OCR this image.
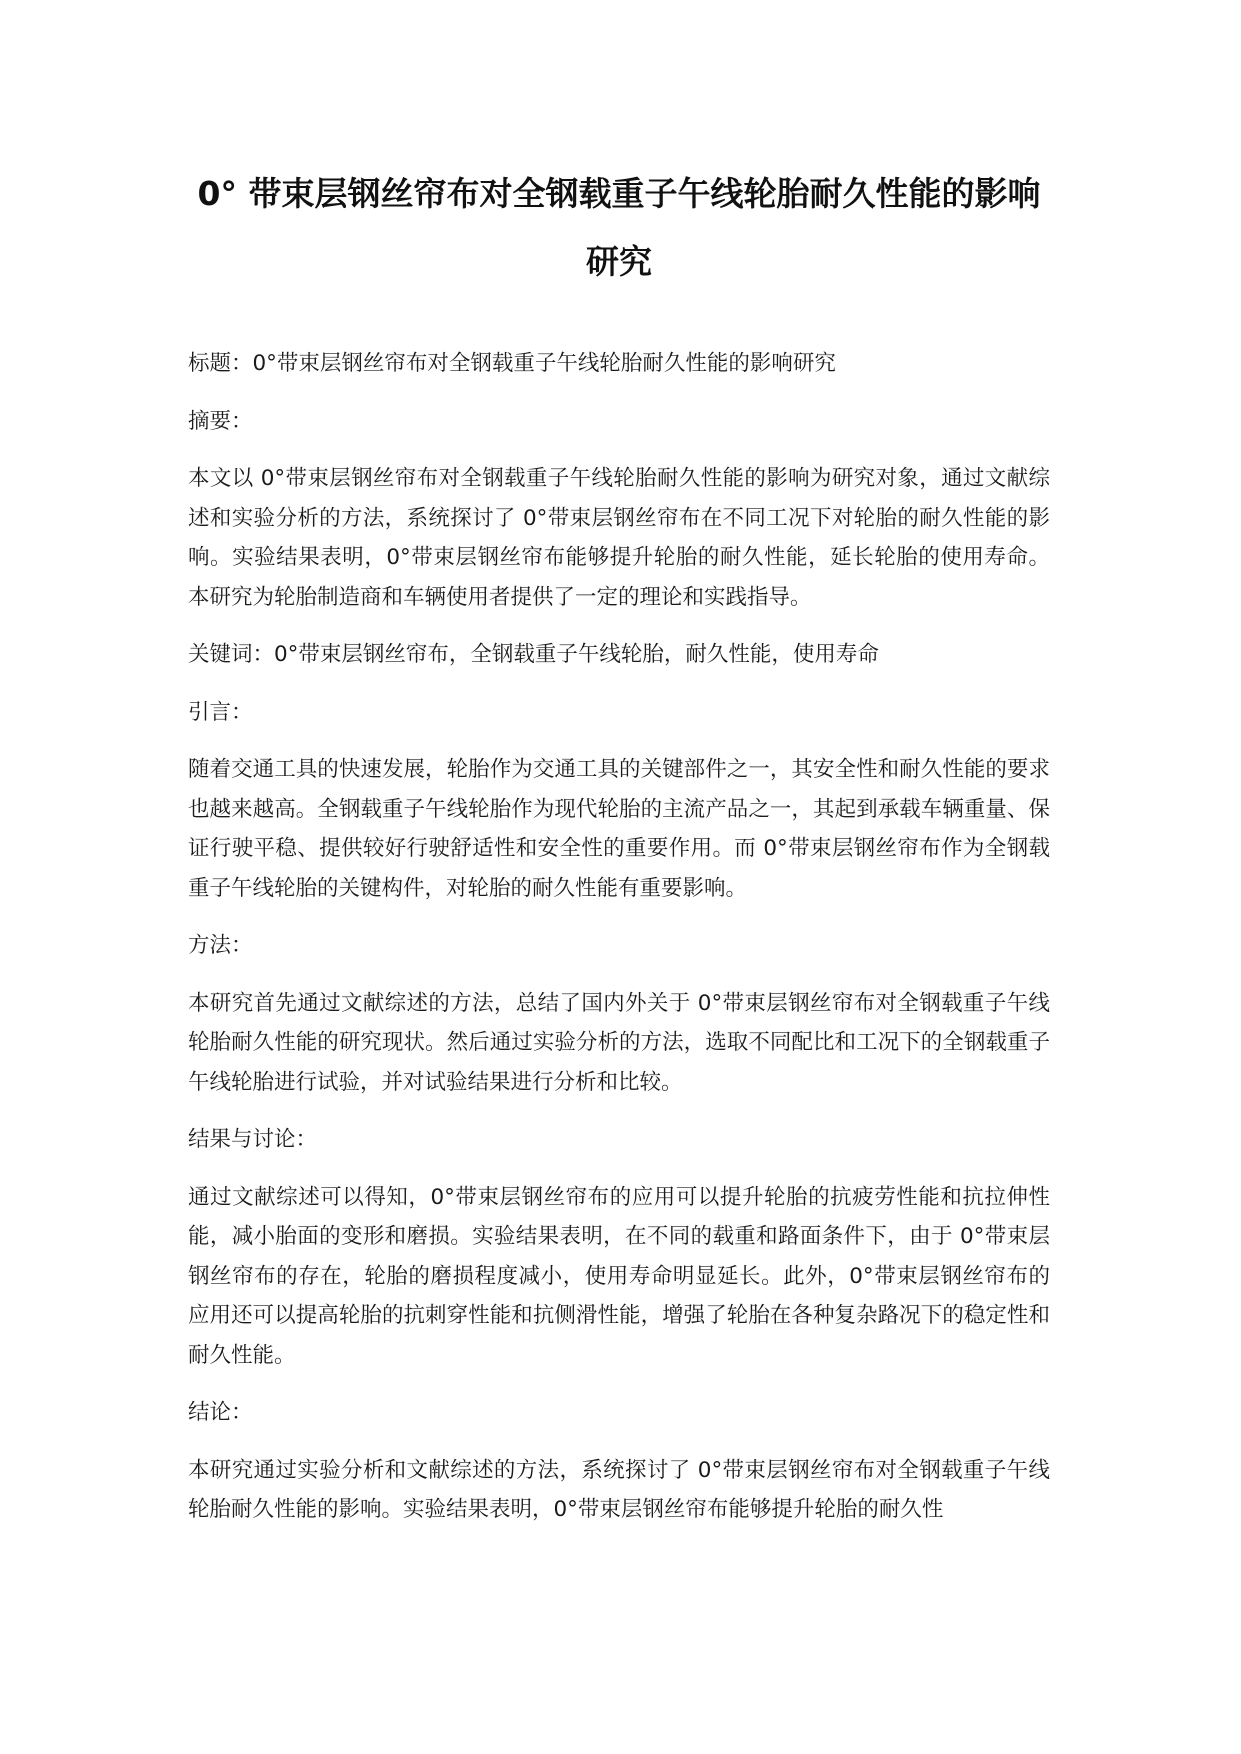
0° 带束层钢丝帘布对全钢载重子午线轮胎耐久性能的影响研究

标题：0°带束层钢丝帘布对全钢载重子午线轮胎耐久性能的影响研究

摘要：

本文以 0°带束层钢丝帘布对全钢载重子午线轮胎耐久性能的影响为研究对象，通过文献综述和实验分析的方法，系统探讨了 0°带束层钢丝帘布在不同工况下对轮胎的耐久性能的影响。实验结果表明，0°带束层钢丝帘布能够提升轮胎的耐久性能，延长轮胎的使用寿命。本研究为轮胎制造商和车辆使用者提供了一定的理论和实践指导。

关键词：0°带束层钢丝帘布，全钢载重子午线轮胎，耐久性能，使用寿命

引言：

随着交通工具的快速发展，轮胎作为交通工具的关键部件之一，其安全性和耐久性能的要求也越来越高。全钢载重子午线轮胎作为现代轮胎的主流产品之一，其起到承载车辆重量、保证行驶平稳、提供较好行驶舒适性和安全性的重要作用。而 0°带束层钢丝帘布作为全钢载重子午线轮胎的关键构件，对轮胎的耐久性能有重要影响。

方法：

本研究首先通过文献综述的方法，总结了国内外关于 0°带束层钢丝帘布对全钢载重子午线轮胎耐久性能的研究现状。然后通过实验分析的方法，选取不同配比和工况下的全钢载重子午线轮胎进行试验，并对试验结果进行分析和比较。

结果与讨论：

通过文献综述可以得知，0°带束层钢丝帘布的应用可以提升轮胎的抗疲劳性能和抗拉伸性能，减小胎面的变形和磨损。实验结果表明，在不同的载重和路面条件下，由于 0°带束层钢丝帘布的存在，轮胎的磨损程度减小，使用寿命明显延长。此外，0°带束层钢丝帘布的应用还可以提高轮胎的抗刺穿性能和抗侧滑性能，增强了轮胎在各种复杂路况下的稳定性和耐久性能。

结论：

本研究通过实验分析和文献综述的方法，系统探讨了 0°带束层钢丝帘布对全钢载重子午线轮胎耐久性能的影响。实验结果表明，0°带束层钢丝帘布能够提升轮胎的耐久性
